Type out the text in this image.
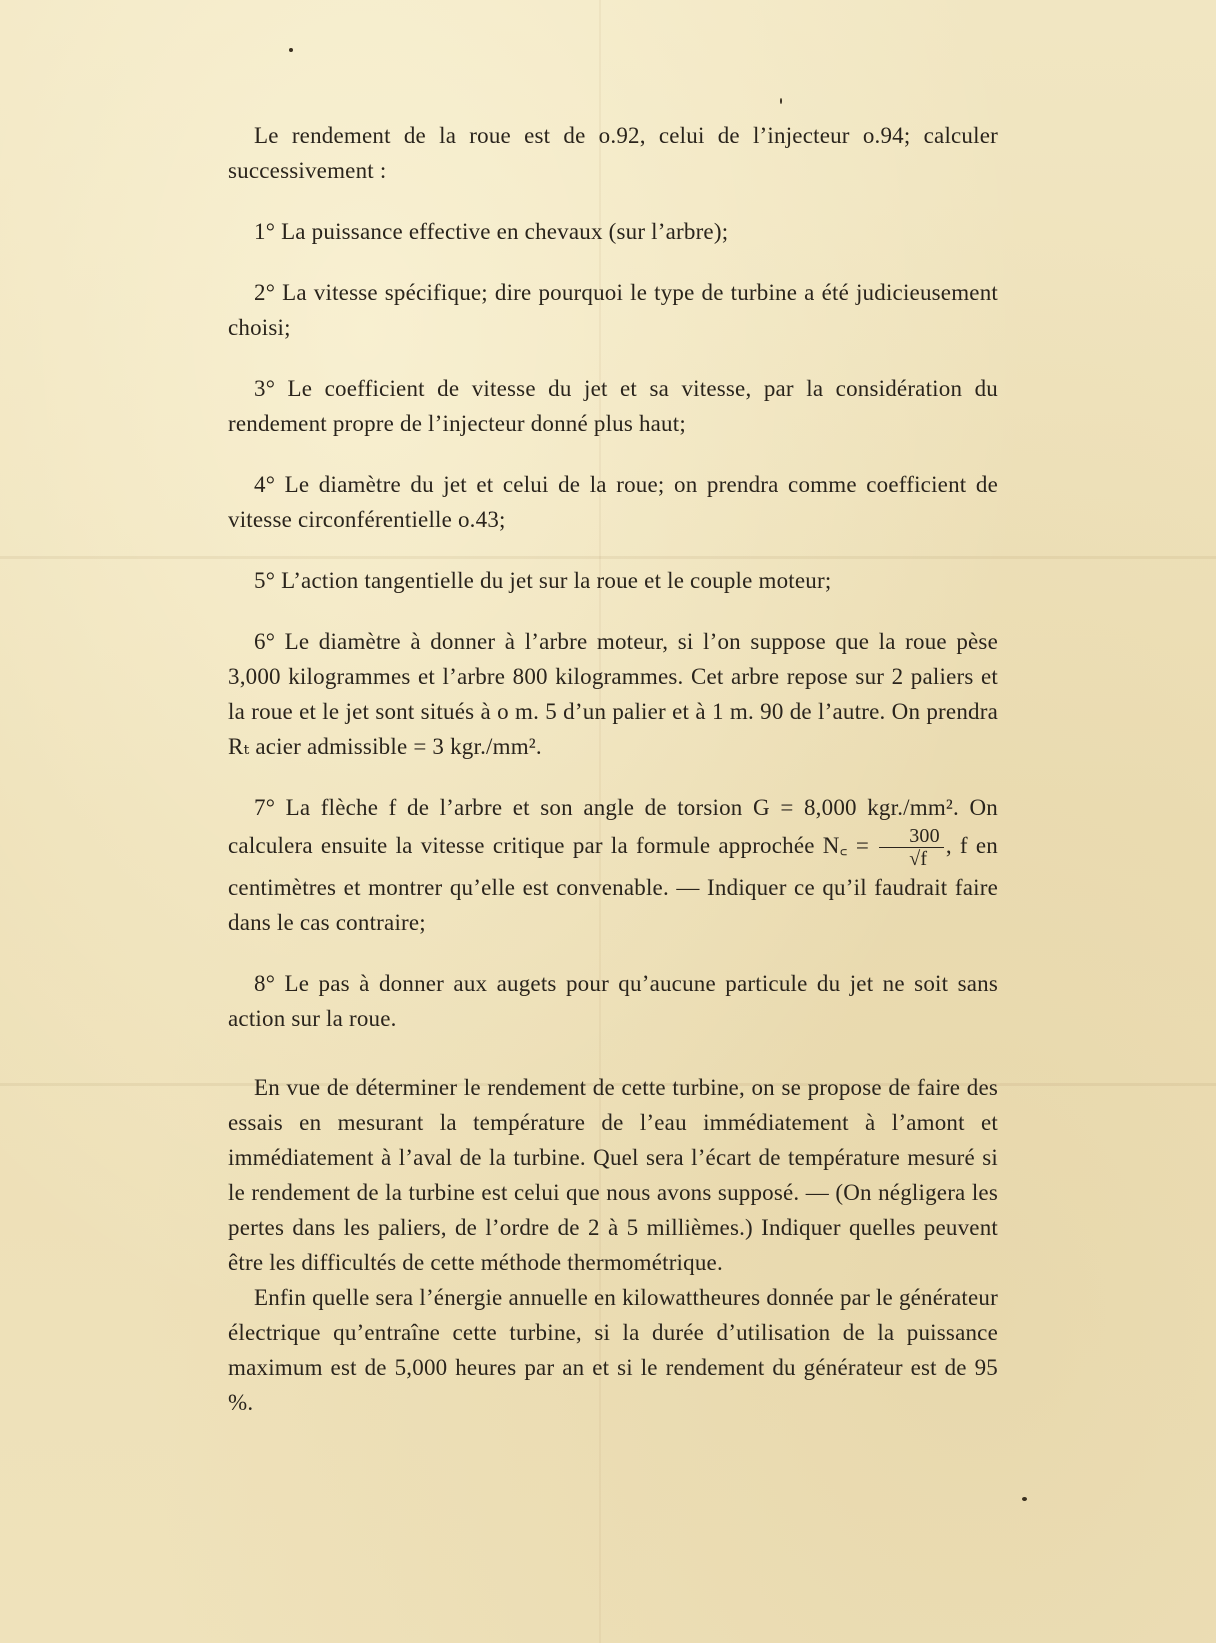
Le rendement de la roue est de o.92, celui de l’injecteur o.94; calculer successivement :

1° La puissance effective en chevaux (sur l’arbre);

2° La vitesse spécifique; dire pourquoi le type de turbine a été judicieusement choisi;

3° Le coefficient de vitesse du jet et sa vitesse, par la considération du rendement propre de l’injecteur donné plus haut;

4° Le diamètre du jet et celui de la roue; on prendra comme coefficient de vitesse circonférentielle o.43;

5° L’action tangentielle du jet sur la roue et le couple moteur;

6° Le diamètre à donner à l’arbre moteur, si l’on suppose que la roue pèse 3,000 kilogrammes et l’arbre 800 kilogrammes. Cet arbre repose sur 2 paliers et la roue et le jet sont situés à o m. 5 d’un palier et à 1 m. 90 de l’autre. On prendra Rₜ acier admissible = 3 kgr./mm².

7° La flèche f de l’arbre et son angle de torsion G = 8,000 kgr./mm². On calculera ensuite la vitesse critique par la formule approchée N꜀ = $\frac{300}{√f}$ , f en centimètres et montrer qu’elle est convenable. — Indiquer ce qu’il faudrait faire dans le cas contraire;

8° Le pas à donner aux augets pour qu’aucune particule du jet ne soit sans action sur la roue.

En vue de déterminer le rendement de cette turbine, on se propose de faire des essais en mesurant la température de l’eau immédiatement à l’amont et immédiatement à l’aval de la turbine. Quel sera l’écart de température mesuré si le rendement de la turbine est celui que nous avons supposé. — (On négligera les pertes dans les paliers, de l’ordre de 2 à 5 millièmes.) Indiquer quelles peuvent être les difficultés de cette méthode thermométrique.

Enfin quelle sera l’énergie annuelle en kilowattheures donnée par le générateur électrique qu’entraîne cette turbine, si la durée d’utilisation de la puissance maximum est de 5,000 heures par an et si le rendement du générateur est de 95 %.
